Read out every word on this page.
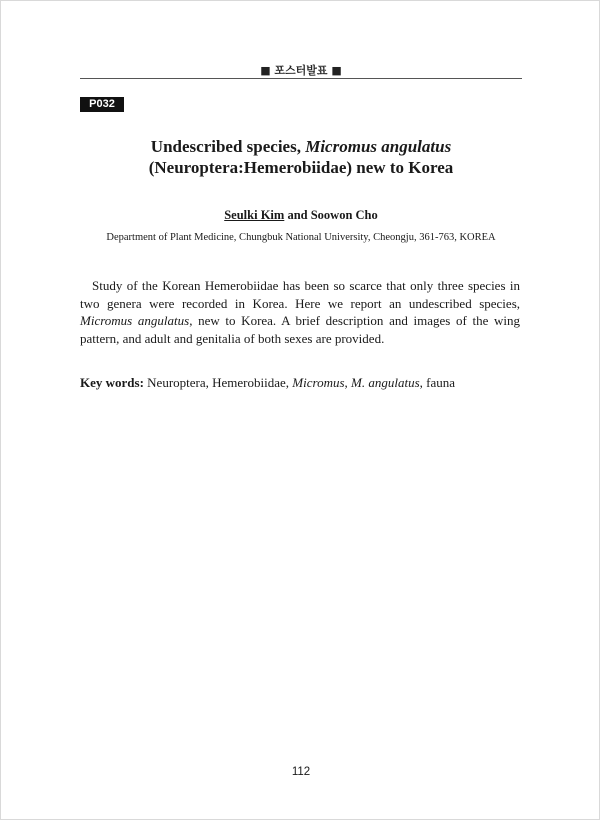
■ 포스터발표 ■
P032
Undescribed species, Micromus angulatus
(Neuroptera:Hemerobiidae) new to Korea
Seulki Kim and Soowon Cho
Department of Plant Medicine, Chungbuk National University, Cheongju, 361-763, KOREA

Study of the Korean Hemerobiidae has been so scarce that only three species in two genera were recorded in Korea. Here we report an undescribed species, Micromus angulatus, new to Korea. A brief description and images of the wing pattern, and adult and genitalia of both sexes are provided.

Key words: Neuroptera, Hemerobiidae, Micromus, M. angulatus, fauna

112
